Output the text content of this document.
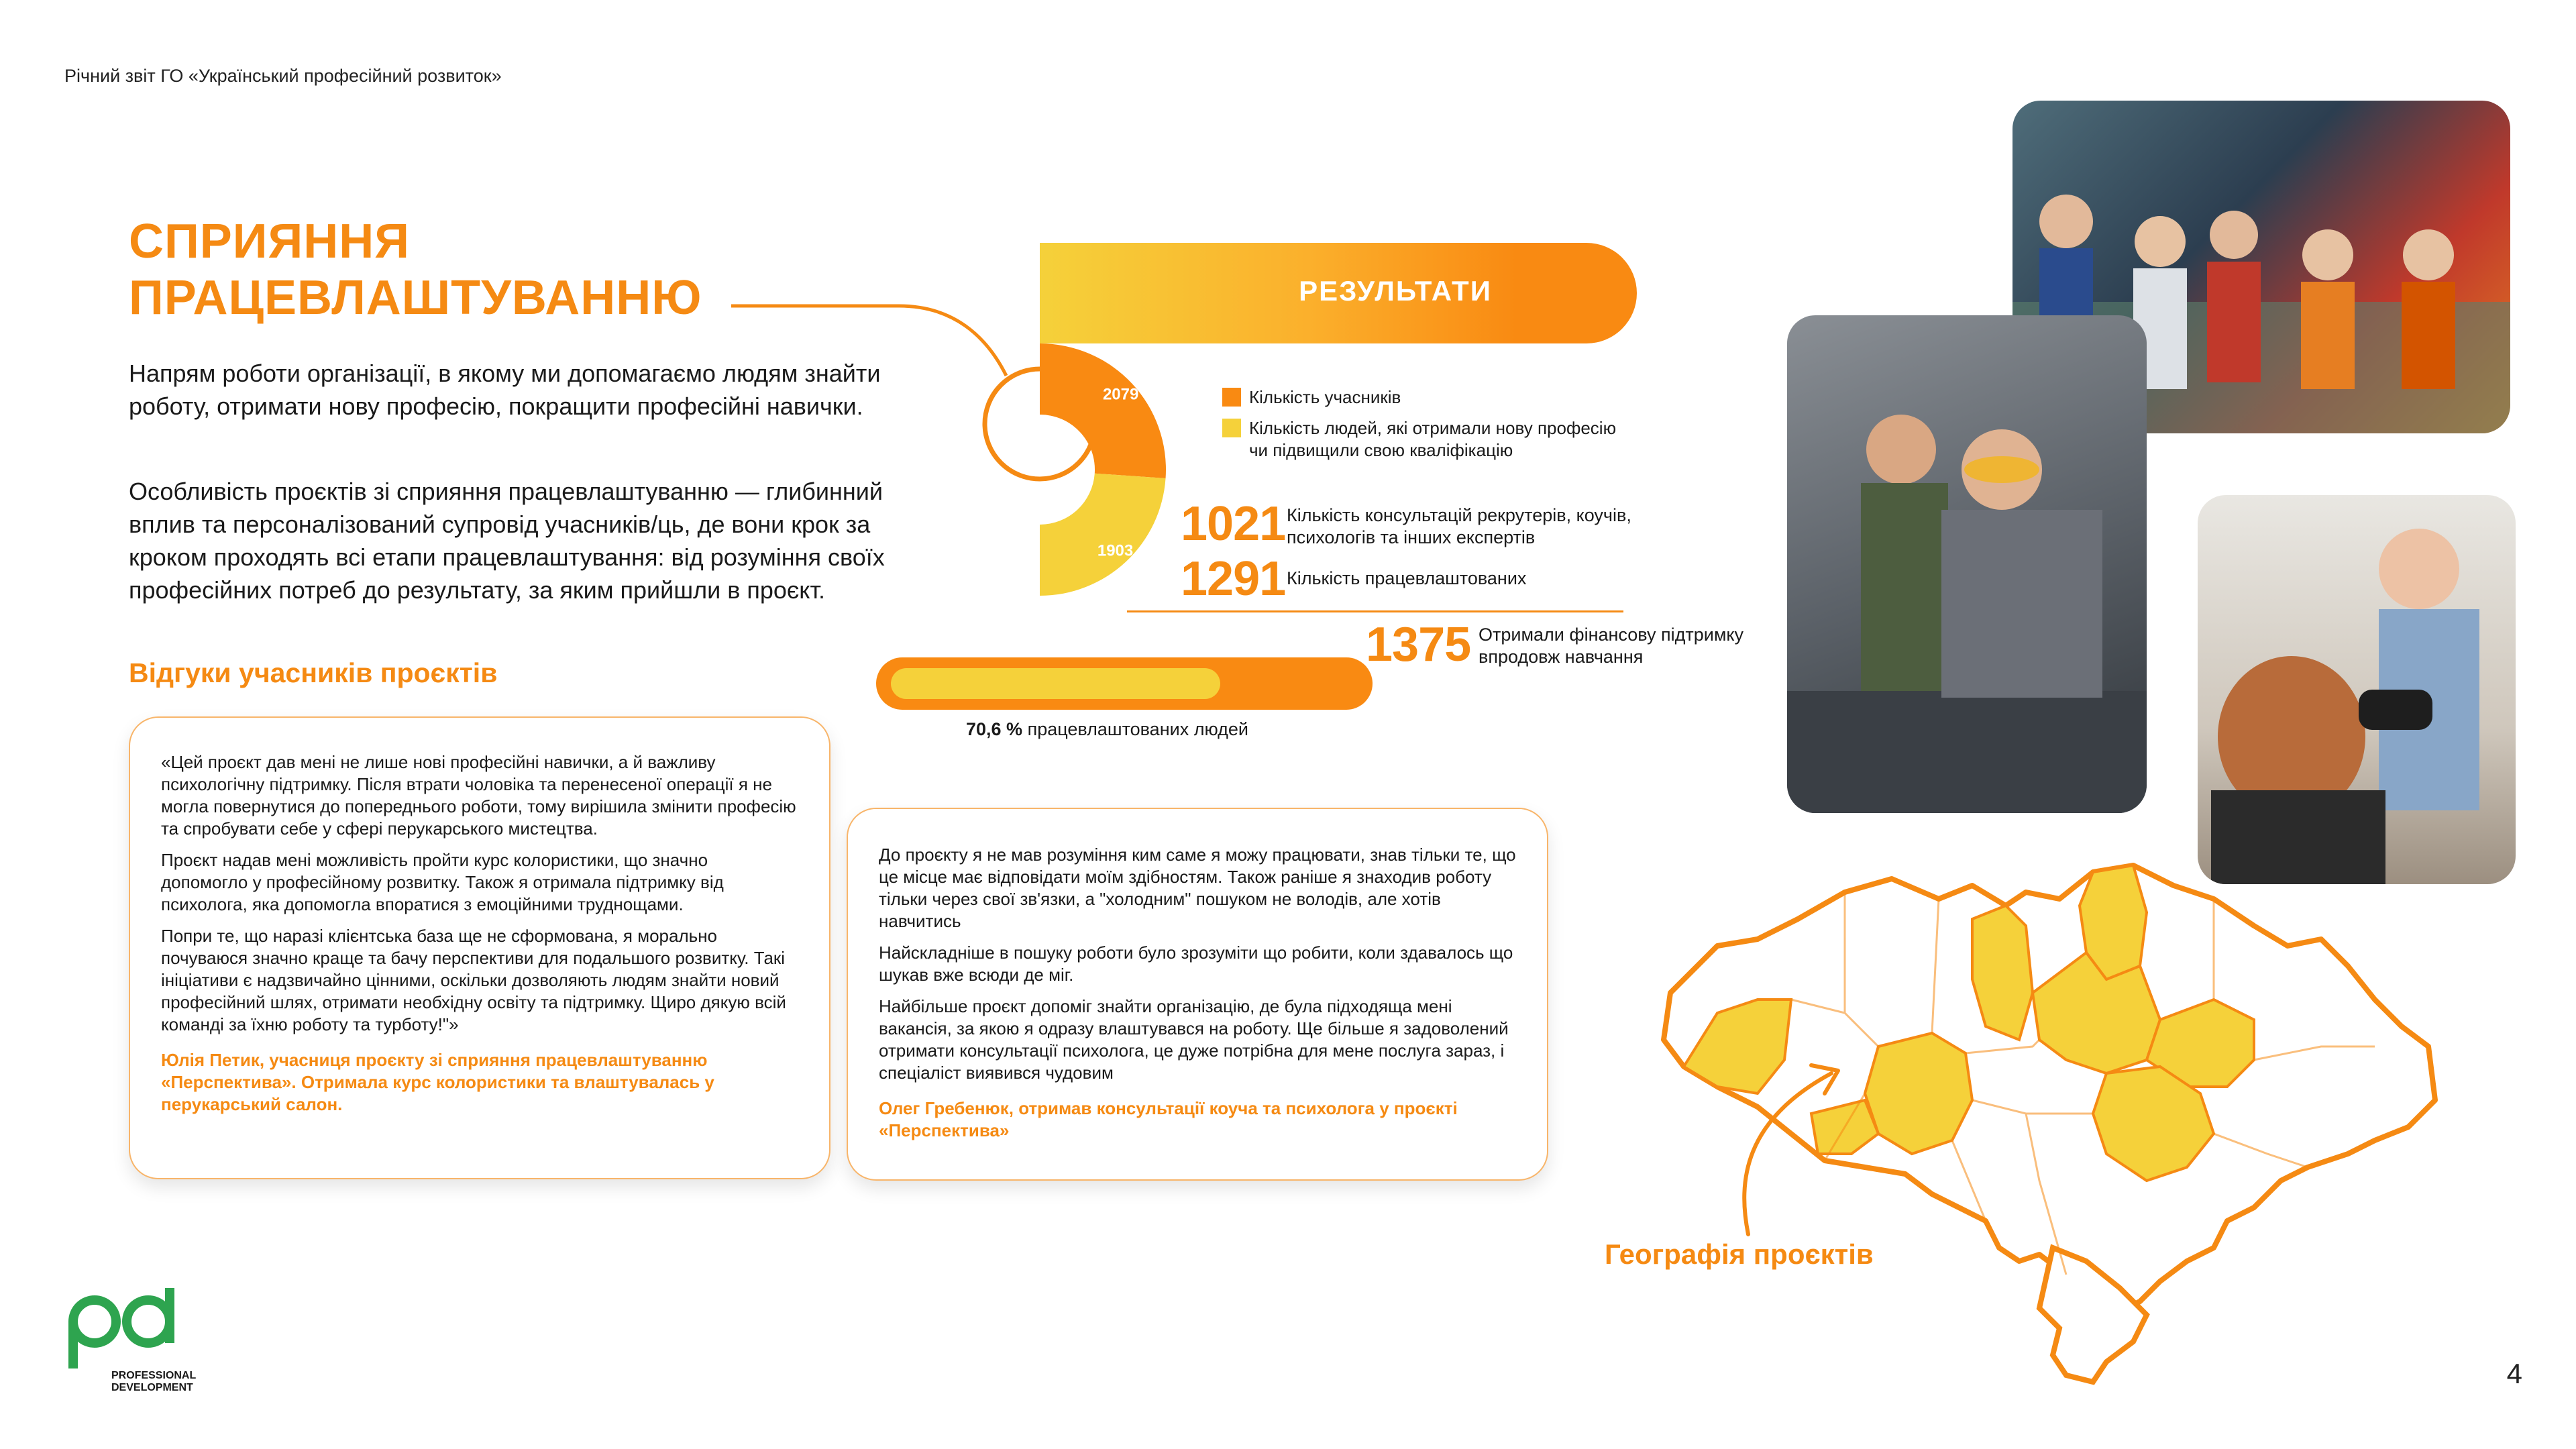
Річний звіт ГО «Український професійний розвиток»
СПРИЯННЯ
ПРАЦЕВЛАШТУВАННЮ
Напрям роботи організації, в якому ми допомагаємо людям знайти роботу, отримати нову професію, покращити професійні навички.
Особливість проєктів зі сприяння працевлаштуванню — глибинний вплив та персоналізований супровід учасників/ць, де вони крок за кроком проходять всі етапи працевлаштування: від розуміння своїх професійних потреб до результату, за яким прийшли в проєкт.
Відгуки учасників проєктів

«Цей проєкт дав мені не лише нові професійні навички, а й важливу психологічну підтримку. Після втрати чоловіка та перенесеної операції я не могла повернутися до попереднього роботи, тому вирішила змінити професію та спробувати себе у сфері перукарського мистецтва.

Проєкт надав мені можливість пройти курс колористики, що значно допомогло у професійному розвитку. Також я отримала підтримку від психолога, яка допомогла впоратися з емоційними труднощами.

Попри те, що наразі клієнтська база ще не сформована, я морально почуваюся значно краще та бачу перспективи для подальшого розвитку. Такі ініціативи є надзвичайно цінними, оскільки дозволяють людям знайти новий професійний шлях, отримати необхідну освіту та підтримку. Щиро дякую всій команді за їхню роботу та турботу!"»

Юлія Петик, учасниця проєкту зі сприяння працевлаштуванню «Перспектива». Отримала курс колористики та влаштувалась у перукарський салон.

До проєкту я не мав розуміння ким саме я можу працювати, знав тільки те, що це місце має відповідати моїм здібностям. Також раніше я знаходив роботу тільки через свої зв'язки, а "холодним" пошуком не володів, але хотів навчитись

Найскладніше в пошуку роботи було зрозуміти що робити, коли здавалось що шукав вже всюди де міг.

Найбільше проєкт допоміг знайти організацію, де була підходяща мені вакансія, за якою я одразу влаштувався на роботу. Ще більше я задоволений отримати консультації психолога, це дуже потрібна для мене послуга зараз, і спеціаліст виявився чудовим

Олег Гребенюк, отримав консультації коуча та психолога у проєкті «Перспектива»
РЕЗУЛЬТАТИ
2079
1903
Кількість учасників
Кількість людей, які отримали нову професію чи підвищили свою кваліфікацію
1021 Кількість консультацій рекрутерів, коучів, психологів та інших експертів
1291 Кількість працевлаштованих
1375 Отримали фінансову підтримку впродовж навчання
70,6 % працевлаштованих людей
Географія проєктів
PROFESSIONAL
DEVELOPMENT	4
